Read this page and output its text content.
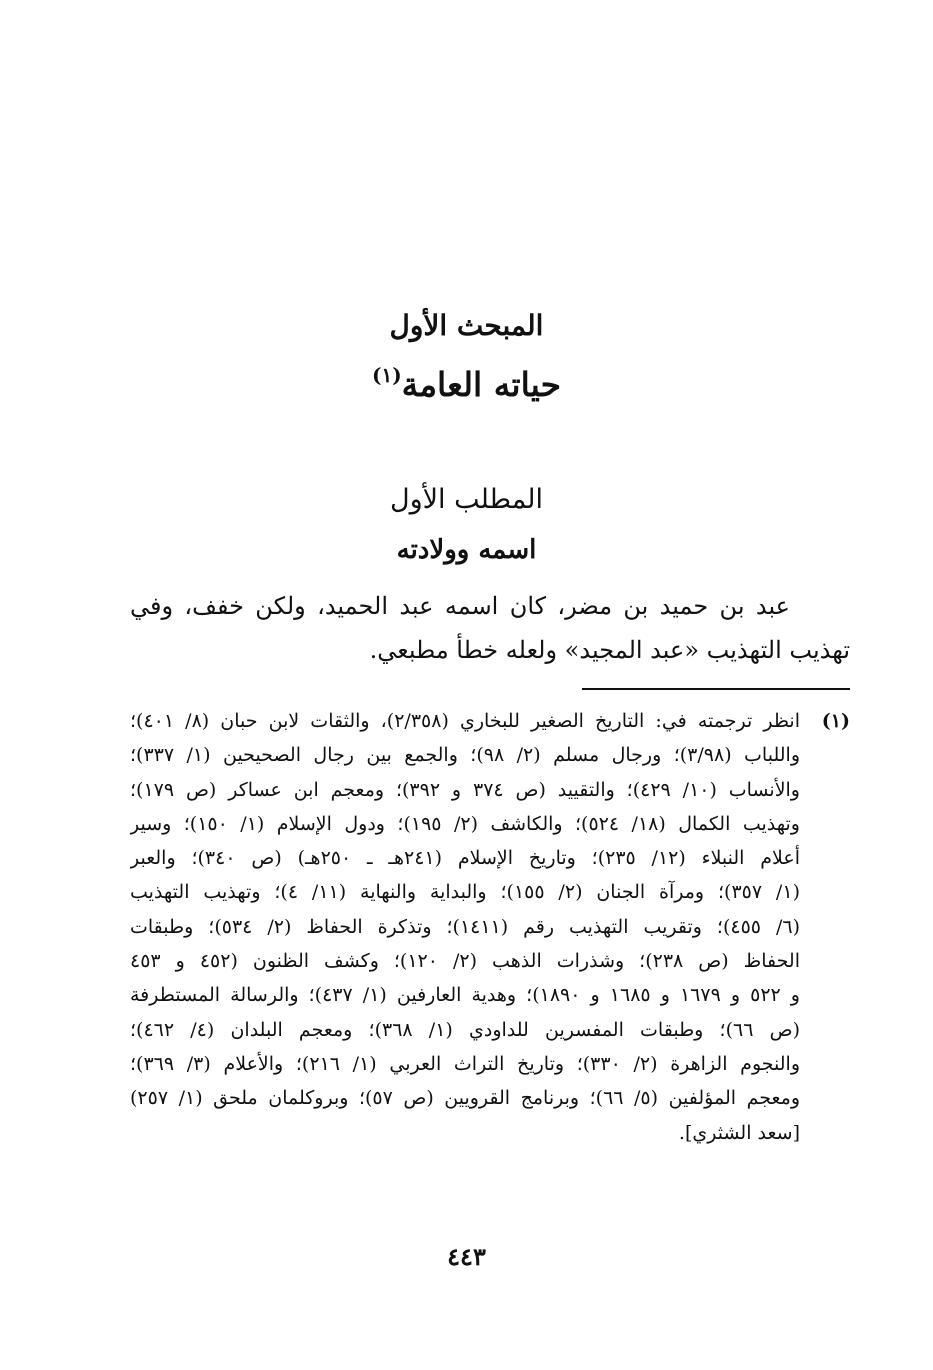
المبحث الأول
حياته العامة$^{(١)}$
المطلب الأول
اسمه وولادته

عبد بن حميد بن مضر، كان اسمه عبد الحميد، ولكن خفف، وفي
تهذيب التهذيب «عبد المجيد» ولعله خطأ مطبعي.

(١)
انظر ترجمته في: التاريخ الصغير للبخاري (٢/٣٥٨)، والثقات لابن حبان (٨/ ٤٠١)؛
واللباب (٣/٩٨)؛ ورجال مسلم (٢/ ٩٨)؛ والجمع بين رجال الصحيحين (١/ ٣٣٧)؛
والأنساب (١٠/ ٤٢٩)؛ والتقييد (ص ٣٧٤ و ٣٩٢)؛ ومعجم ابن عساكر (ص ١٧٩)؛
وتهذيب الكمال (١٨/ ٥٢٤)؛ والكاشف (٢/ ١٩٥)؛ ودول الإسلام (١/ ١٥٠)؛ وسير
أعلام النبلاء (١٢/ ٢٣٥)؛ وتاريخ الإسلام (٢٤١هـ ـ ٢٥٠هـ) (ص ٣٤٠)؛ والعبر
(١/ ٣٥٧)؛ ومرآة الجنان (٢/ ١٥٥)؛ والبداية والنهاية (١١/ ٤)؛ وتهذيب التهذيب
(٦/ ٤٥٥)؛ وتقريب التهذيب رقم (١٤١١)؛ وتذكرة الحفاظ (٢/ ٥٣٤)؛ وطبقات
الحفاظ (ص ٢٣٨)؛ وشذرات الذهب (٢/ ١٢٠)؛ وكشف الظنون (٤٥٢ و ٤٥٣
و ٥٢٢ و ١٦٧٩ و ١٦٨٥ و ١٨٩٠)؛ وهدية العارفين (١/ ٤٣٧)؛ والرسالة المستطرفة
(ص ٦٦)؛ وطبقات المفسرين للداودي (١/ ٣٦٨)؛ ومعجم البلدان (٤/ ٤٦٢)؛
والنجوم الزاهرة (٢/ ٣٣٠)؛ وتاريخ التراث العربي (١/ ٢١٦)؛ والأعلام (٣/ ٣٦٩)؛
ومعجم المؤلفين (٥/ ٦٦)؛ وبرنامج القرويين (ص ٥٧)؛ وبروكلمان ملحق (١/ ٢٥٧)
[سعد الشثري].
٤٤٣
